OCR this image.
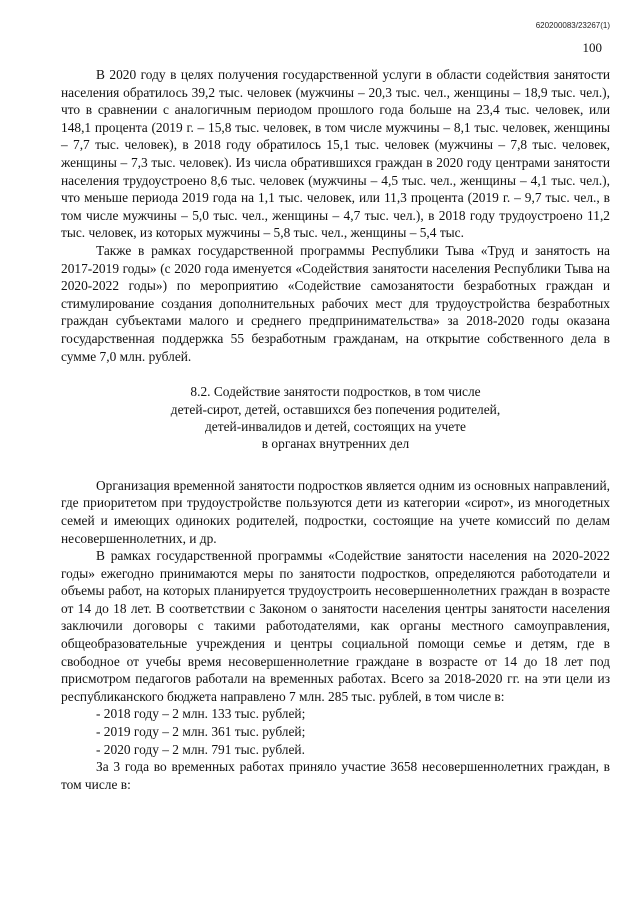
620200083/23267(1)
100

В 2020 году в целях получения государственной услуги в области содействия занятости населения обратилось 39,2 тыс. человек (мужчины – 20,3 тыс. чел., женщины – 18,9 тыс. чел.), что в сравнении с аналогичным периодом прошлого года больше на 23,4 тыс. человек, или 148,1 процента (2019 г. – 15,8 тыс. человек, в том числе мужчины – 8,1 тыс. человек, женщины – 7,7 тыс. человек), в 2018 году обратилось 15,1 тыс. человек (мужчины – 7,8 тыс. человек, женщины – 7,3 тыс. человек). Из числа обратившихся граждан в 2020 году центрами занятости населения трудоустроено 8,6 тыс. человек (мужчины – 4,5 тыс. чел., женщины – 4,1 тыс. чел.), что меньше периода 2019 года на 1,1 тыс. человек, или 11,3 процента (2019 г. – 9,7 тыс. чел., в том числе мужчины – 5,0 тыс. чел., женщины – 4,7 тыс. чел.), в 2018 году трудоустроено 11,2 тыс. человек, из которых мужчины – 5,8 тыс. чел., женщины – 5,4 тыс.

Также в рамках государственной программы Республики Тыва «Труд и занятость на 2017-2019 годы» (с 2020 года именуется «Содействия занятости населения Республики Тыва на 2020-2022 годы») по мероприятию «Содействие самозанятости безработных граждан и стимулирование создания дополнительных рабочих мест для трудоустройства безработных граждан субъектами малого и среднего предпринимательства» за 2018-2020 годы оказана государственная поддержка 55 безработным гражданам, на открытие собственного дела в сумме 7,0 млн. рублей.

8.2. Содействие занятости подростков, в том числе
детей-сирот, детей, оставшихся без попечения родителей,
детей-инвалидов и детей, состоящих на учете
в органах внутренних дел

Организация временной занятости подростков является одним из основных направлений, где приоритетом при трудоустройстве пользуются дети из категории «сирот», из многодетных семей и имеющих одиноких родителей, подростки, состоящие на учете комиссий по делам несовершеннолетних, и др.

В рамках государственной программы «Содействие занятости населения на 2020-2022 годы» ежегодно принимаются меры по занятости подростков, определяются работодатели и объемы работ, на которых планируется трудоустроить несовершеннолетних граждан в возрасте от 14 до 18 лет. В соответствии с Законом о занятости населения центры занятости населения заключили договоры с такими работодателями, как органы местного самоуправления, общеобразовательные учреждения и центры социальной помощи семье и детям, где в свободное от учебы время несовершеннолетние граждане в возрасте от 14 до 18 лет под присмотром педагогов работали на временных работах. Всего за 2018-2020 гг. на эти цели из республиканского бюджета направлено 7 млн. 285 тыс. рублей, в том числе в:

- 2018 году – 2 млн. 133 тыс. рублей;
- 2019 году – 2 млн. 361 тыс. рублей;
- 2020 году – 2 млн. 791 тыс. рублей.

За 3 года во временных работах приняло участие 3658 несовершеннолетних граждан, в том числе в:
